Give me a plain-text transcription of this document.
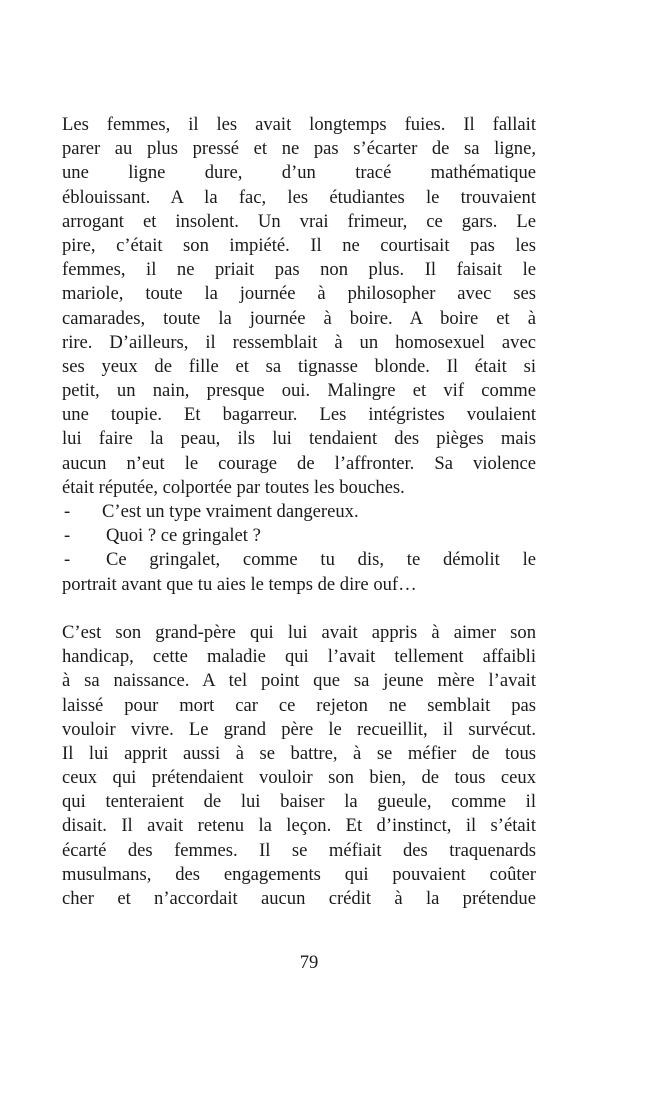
Les femmes, il les avait longtemps fuies. Il fallait
parer au plus pressé et ne pas s’écarter de sa ligne,
une ligne dure, d’un tracé mathématique
éblouissant. A la fac, les étudiantes le trouvaient
arrogant et insolent. Un vrai frimeur, ce gars. Le
pire, c’était son impiété. Il ne courtisait pas les
femmes, il ne priait pas non plus. Il faisait le
mariole, toute la journée à philosopher avec ses
camarades, toute la journée à boire. A boire et à
rire. D’ailleurs, il ressemblait à un homosexuel avec
ses yeux de fille et sa tignasse blonde. Il était si
petit, un nain, presque oui. Malingre et vif comme
une toupie. Et bagarreur. Les intégristes voulaient
lui faire la peau, ils lui tendaient des pièges mais
aucun n’eut le courage de l’affronter. Sa violence
était réputée, colportée par toutes les bouches.
-	C’est un type vraiment dangereux.
-	Quoi ? ce gringalet ?
-	Ce gringalet, comme tu dis, te démolit le
portrait avant que tu aies le temps de dire ouf…
C’est son grand-père qui lui avait appris à aimer son
handicap, cette maladie qui l’avait tellement affaibli
à sa naissance. A tel point que sa jeune mère l’avait
laissé pour mort car ce rejeton ne semblait pas
vouloir vivre. Le grand père le recueillit, il survécut.
Il lui apprit aussi à se battre, à se méfier de tous
ceux qui prétendaient vouloir son bien, de tous ceux
qui tenteraient de lui baiser la gueule, comme il
disait. Il avait retenu la leçon. Et d’instinct, il s’était
écarté des femmes. Il se méfiait des traquenards
musulmans, des engagements qui pouvaient coûter
cher et n’accordait aucun crédit à la prétendue
79
